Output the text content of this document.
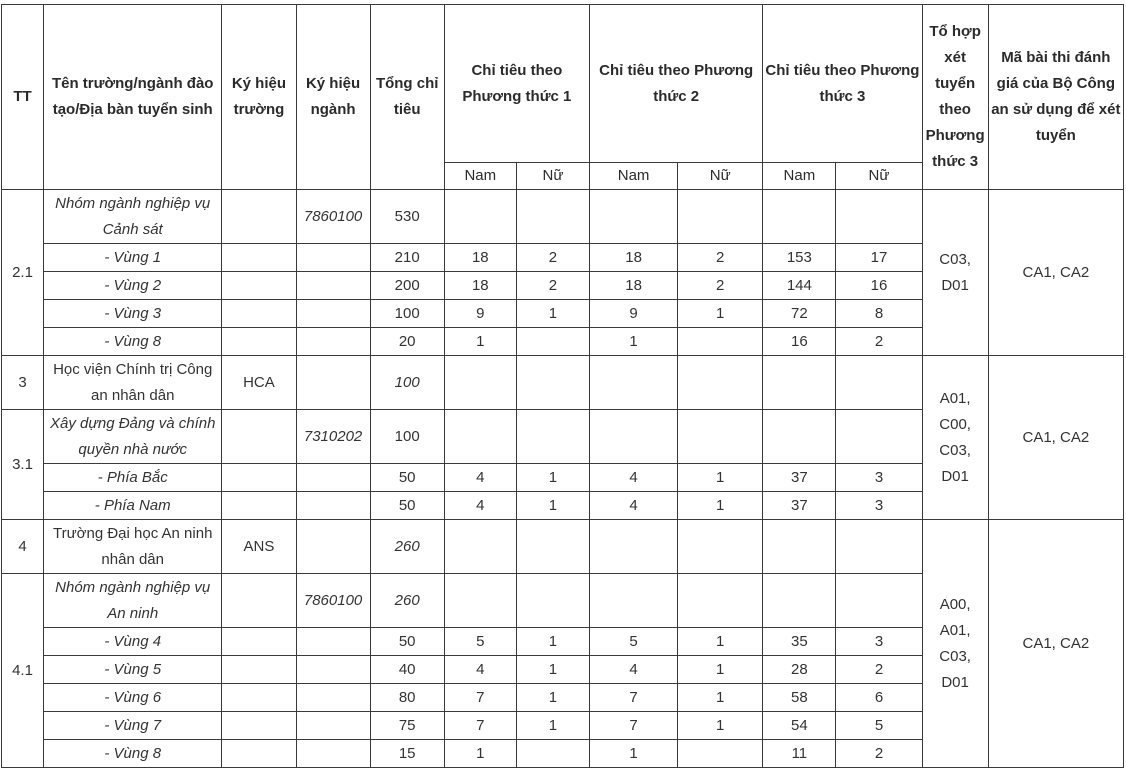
TT	Tên trường/ngành đào tạo/Địa bàn tuyển sinh	Ký hiệu trường	Ký hiệu ngành	Tổng chỉ tiêu	Chỉ tiêu theo Phương thức 1		Chỉ tiêu theo Phương thức 2		Chỉ tiêu theo Phương thức 3		Tổ hợp xét tuyển theo Phương thức 3	Mã bài thi đánh giá của Bộ Công an sử dụng để xét tuyển
					Nam	Nữ	Nam	Nữ	Nam	Nữ		
2.1	Nhóm ngành nghiệp vụ Cảnh sát		7860100	530							C03, D01	CA1, CA2
	- Vùng 1			210	18	2	18	2	153	17		
	- Vùng 2			200	18	2	18	2	144	16		
	- Vùng 3			100	9	1	9	1	72	8		
	- Vùng 8			20	1		1		16	2		
3	Học viện Chính trị Công an nhân dân	HCA		100							A01, C00, C03, D01	CA1, CA2
3.1	Xây dựng Đảng và chính quyền nhà nước		7310202	100								
	- Phía Bắc			50	4	1	4	1	37	3		
	- Phía Nam			50	4	1	4	1	37	3		
4	Trường Đại học An ninh nhân dân	ANS		260							A00, A01, C03, D01	CA1, CA2
4.1	Nhóm ngành nghiệp vụ An ninh		7860100	260								
	- Vùng 4			50	5	1	5	1	35	3		
	- Vùng 5			40	4	1	4	1	28	2		
	- Vùng 6			80	7	1	7	1	58	6		
	- Vùng 7			75	7	1	7	1	54	5		
	- Vùng 8			15	1		1		11	2		
